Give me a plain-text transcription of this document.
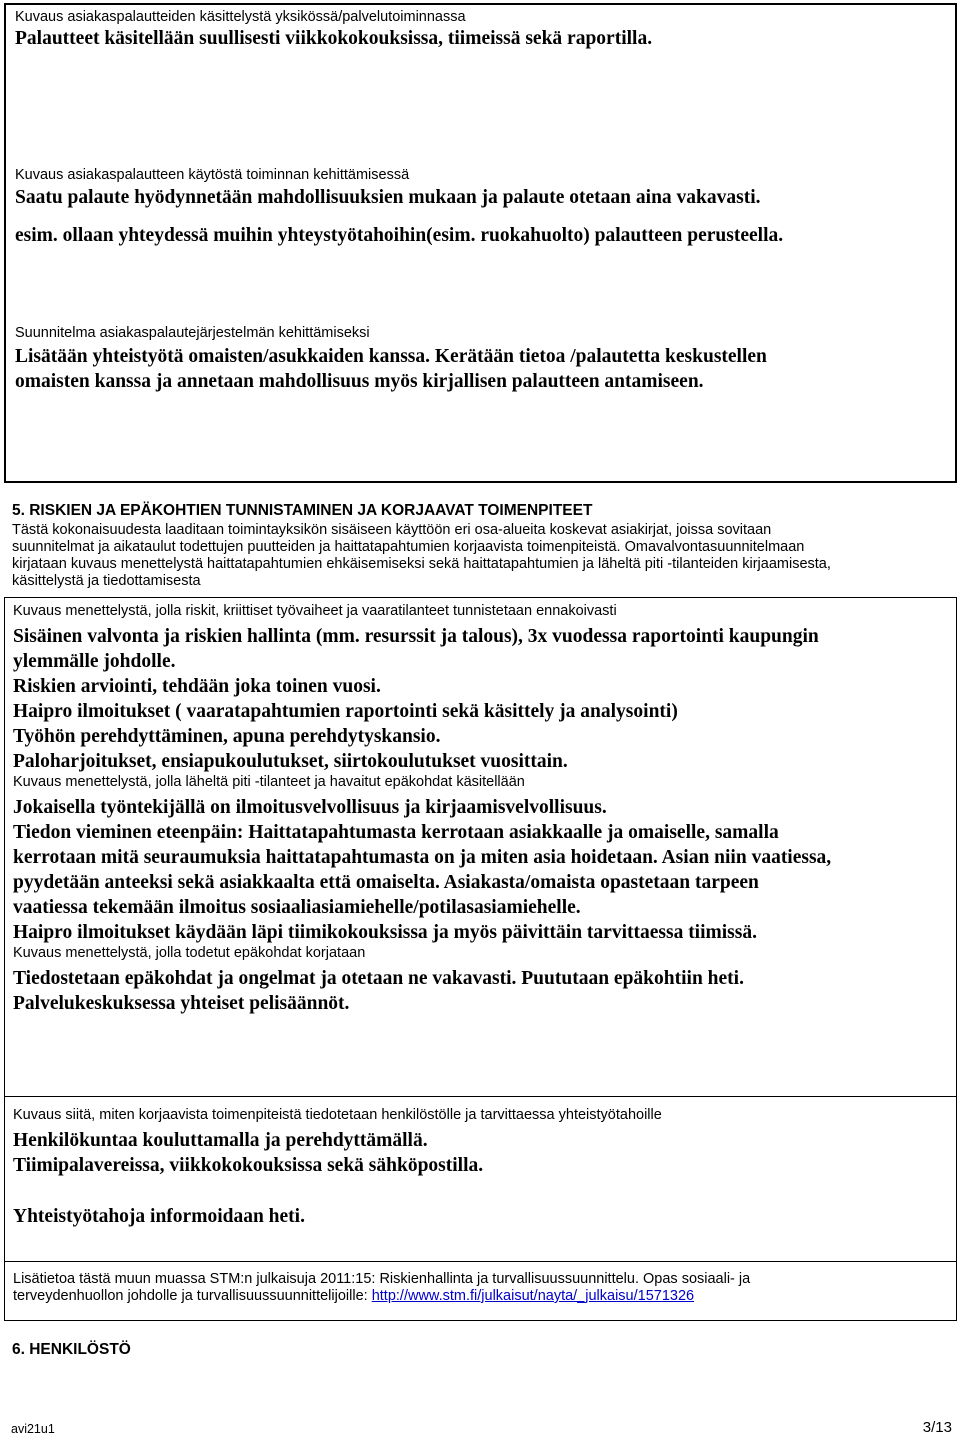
Kuvaus asiakaspalautteiden käsittelystä yksikössä/palvelutoiminnassa
Palautteet käsitellään suullisesti viikkokokouksissa, tiimeissä sekä raportilla.
Kuvaus asiakaspalautteen käytöstä toiminnan kehittämisessä
Saatu palaute hyödynnetään mahdollisuuksien mukaan ja palaute otetaan aina vakavasti.
esim. ollaan yhteydessä muihin yhteystyötahoihin(esim. ruokahuolto) palautteen perusteella.
Suunnitelma asiakaspalautejärjestelmän kehittämiseksi
Lisätään yhteistyötä omaisten/asukkaiden kanssa. Kerätään tietoa /palautetta keskustellen
omaisten kanssa ja annetaan mahdollisuus myös kirjallisen palautteen antamiseen.
5. RISKIEN JA EPÄKOHTIEN TUNNISTAMINEN JA KORJAAVAT TOIMENPITEET
Tästä kokonaisuudesta laaditaan toimintayksikön sisäiseen käyttöön eri osa-alueita koskevat asiakirjat, joissa sovitaan
suunnitelmat ja aikataulut todettujen puutteiden ja haittatapahtumien korjaavista toimenpiteistä. Omavalvontasuunnitelmaan
kirjataan kuvaus menettelystä haittatapahtumien ehkäisemiseksi sekä haittatapahtumien ja läheltä piti -tilanteiden kirjaamisesta,
käsittelystä ja tiedottamisesta
Kuvaus menettelystä, jolla riskit, kriittiset työvaiheet ja vaaratilanteet tunnistetaan ennakoivasti
Sisäinen valvonta ja riskien hallinta (mm. resurssit ja talous), 3x vuodessa raportointi kaupungin
ylemmälle johdolle.
Riskien arviointi, tehdään joka toinen vuosi.
Haipro ilmoitukset ( vaaratapahtumien raportointi sekä käsittely ja analysointi)
Työhön perehdyttäminen, apuna perehdytyskansio.
Paloharjoitukset, ensiapukoulutukset, siirtokoulutukset vuosittain.
Kuvaus menettelystä, jolla läheltä piti -tilanteet ja havaitut epäkohdat käsitellään
Jokaisella työntekijällä on ilmoitusvelvollisuus ja kirjaamisvelvollisuus.
Tiedon vieminen eteenpäin: Haittatapahtumasta kerrotaan asiakkaalle ja omaiselle, samalla
kerrotaan mitä seuraumuksia haittatapahtumasta on ja miten asia hoidetaan. Asian niin vaatiessa,
pyydetään anteeksi sekä asiakkaalta että omaiselta. Asiakasta/omaista opastetaan tarpeen
vaatiessa tekemään ilmoitus sosiaaliasiamiehelle/potilasasiamiehelle.
Haipro ilmoitukset käydään läpi tiimikokouksissa ja myös päivittäin tarvittaessa tiimissä.
Kuvaus menettelystä, jolla todetut epäkohdat korjataan
Tiedostetaan epäkohdat ja ongelmat ja otetaan ne vakavasti. Puututaan epäkohtiin heti.
Palvelukeskuksessa yhteiset pelisäännöt.
Kuvaus siitä, miten korjaavista toimenpiteistä tiedotetaan henkilöstölle ja tarvittaessa yhteistyötahoille
Henkilökuntaa kouluttamalla ja perehdyttämällä.
Tiimipalavereissa, viikkokokouksissa sekä sähköpostilla.
Yhteistyötahoja informoidaan heti.
Lisätietoa tästä muun muassa STM:n julkaisuja 2011:15: Riskienhallinta ja turvallisuussuunnittelu. Opas sosiaali- ja
terveydenhuollon johdolle ja turvallisuussuunnittelijoille: http://www.stm.fi/julkaisut/nayta/_julkaisu/1571326
6. HENKILÖSTÖ
avi21u1	3/13
